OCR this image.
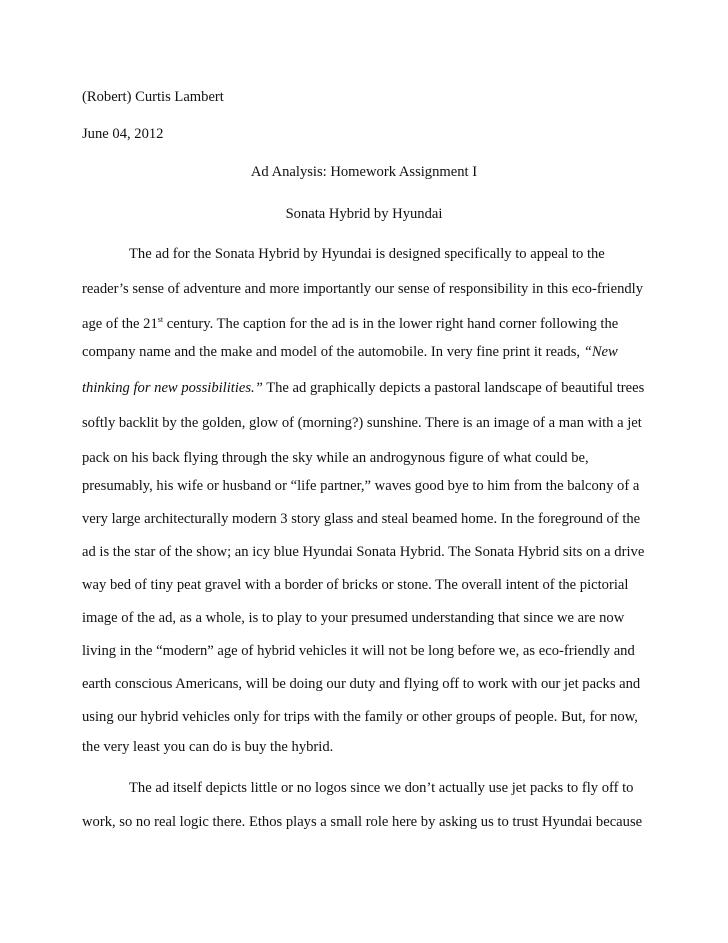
(Robert) Curtis Lambert
June 04, 2012
Ad Analysis: Homework Assignment I
Sonata Hybrid by Hyundai
The ad for the Sonata Hybrid by Hyundai is designed specifically to appeal to the
reader’s sense of adventure and more importantly our sense of responsibility in this eco-friendly
age of the 21st century. The caption for the ad is in the lower right hand corner following the
company name and the make and model of the automobile. In very fine print it reads, “New
thinking for new possibilities.” The ad graphically depicts a pastoral landscape of beautiful trees
softly backlit by the golden, glow of (morning?) sunshine. There is an image of a man with a jet
pack on his back flying through the sky while an androgynous figure of what could be,
presumably, his wife or husband or “life partner,” waves good bye to him from the balcony of a
very large architecturally modern 3 story glass and steal beamed home. In the foreground of the
ad is the star of the show; an icy blue Hyundai Sonata Hybrid. The Sonata Hybrid sits on a drive
way bed of tiny peat gravel with a border of bricks or stone. The overall intent of the pictorial
image of the ad, as a whole, is to play to your presumed understanding that since we are now
living in the “modern” age of hybrid vehicles it will not be long before we, as eco-friendly and
earth conscious Americans, will be doing our duty and flying off to work with our jet packs and
using our hybrid vehicles only for trips with the family or other groups of people. But, for now,
the very least you can do is buy the hybrid.
The ad itself depicts little or no logos since we don’t actually use jet packs to fly off to
work, so no real logic there. Ethos plays a small role here by asking us to trust Hyundai because
